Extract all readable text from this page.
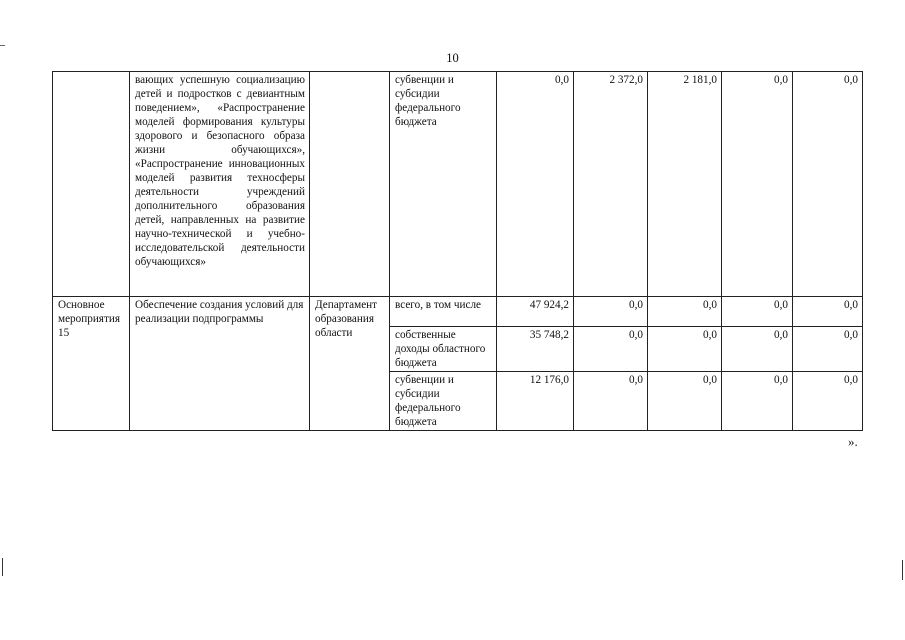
10
	вающих успешную социализацию детей и подростков с девиантным поведением», «Распространение моделей формирования культуры здорового и безопасного образа жизни обучающихся», «Распространение инновационных моделей развития техносферы деятельности учреждений дополнительного образования детей, направленных на развитие научно-технической и учебно-исследовательской деятельности обучающихся»		субвенции и субсидии федерального бюджета	0,0	2 372,0	2 181,0	0,0	0,0
Основное мероприятия 15	Обеспечение создания условий для реализации подпрограммы	Департамент образования области	всего, в том числе	47 924,2	0,0	0,0	0,0	0,0
			собственные доходы областного бюджета	35 748,2	0,0	0,0	0,0	0,0
			субвенции и субсидии федерального бюджета	12 176,0	0,0	0,0	0,0	0,0
».
